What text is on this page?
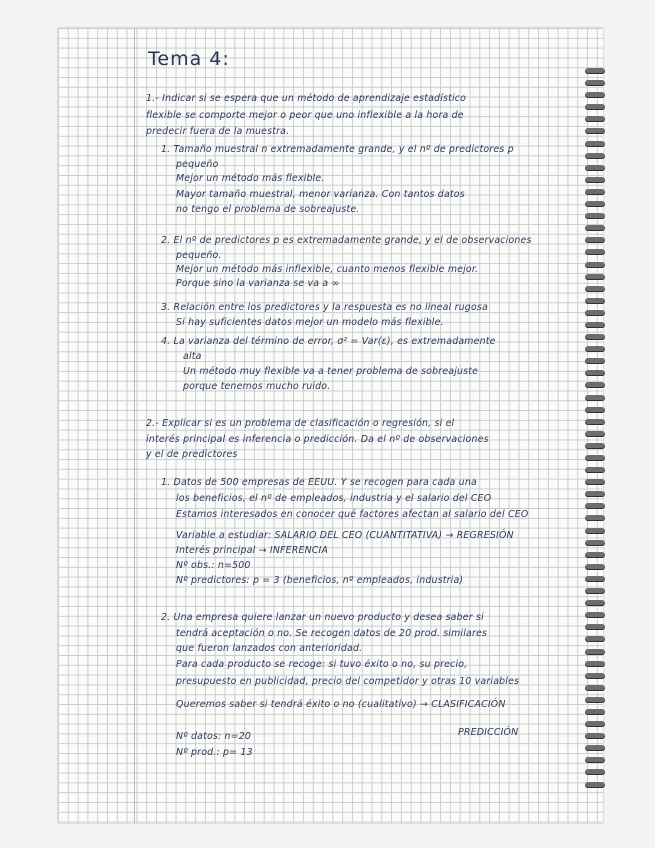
Tema 4:
1.- Indicar si se espera que un método de aprendizaje estadístico
flexible se comporte mejor o peor que uno inflexible a la hora de
predecir fuera de la muestra.
1. Tamaño muestral n extremadamente grande, y el nº de predictores p
pequeño
Mejor un método más flexible.
Mayor tamaño muestral, menor varianza. Con tantos datos
no tengo el problema de sobreajuste.
2. El nº de predictores p es extremadamente grande, y el de observaciones
pequeño.
Mejor un método más inflexible, cuanto menos flexible mejor.
Porque sino la varianza se va a ∞
3. Relación entre los predictores y la respuesta es no lineal rugosa
Si hay suficientes datos mejor un modelo más flexible.
4. La varianza del término de error, σ² = Var(ε), es extremadamente
alta
Un método muy flexible va a tener problema de sobreajuste
porque tenemos mucho ruido.
2.- Explicar si es un problema de clasificación o regresión, si el
interés principal es inferencia o predicción. Da el nº de observaciones
y el de predictores
1. Datos de 500 empresas de EEUU. Y se recogen para cada una
los beneficios, el nº de empleados, industria y el salario del CEO
Estamos interesados en conocer qué factores afectan al salario del CEO
Variable a estudiar: SALARIO DEL CEO (CUANTITATIVA) → REGRESIÓN
Interés principal → INFERENCIA
Nº obs.: n=500
Nº predictores: p = 3 (beneficios, nº empleados, industria)
2. Una empresa quiere lanzar un nuevo producto y desea saber si
tendrá aceptación o no. Se recogen datos de 20 prod. similares
que fueron lanzados con anterioridad.
Para cada producto se recoge: si tuvo éxito o no, su precio,
presupuesto en publicidad, precio del competidor y otras 10 variables
Queremos saber si tendrá éxito o no (cualitativo) → CLASIFICACIÓN
PREDICCIÓN
Nº datos: n=20
Nº prod.: p= 13
